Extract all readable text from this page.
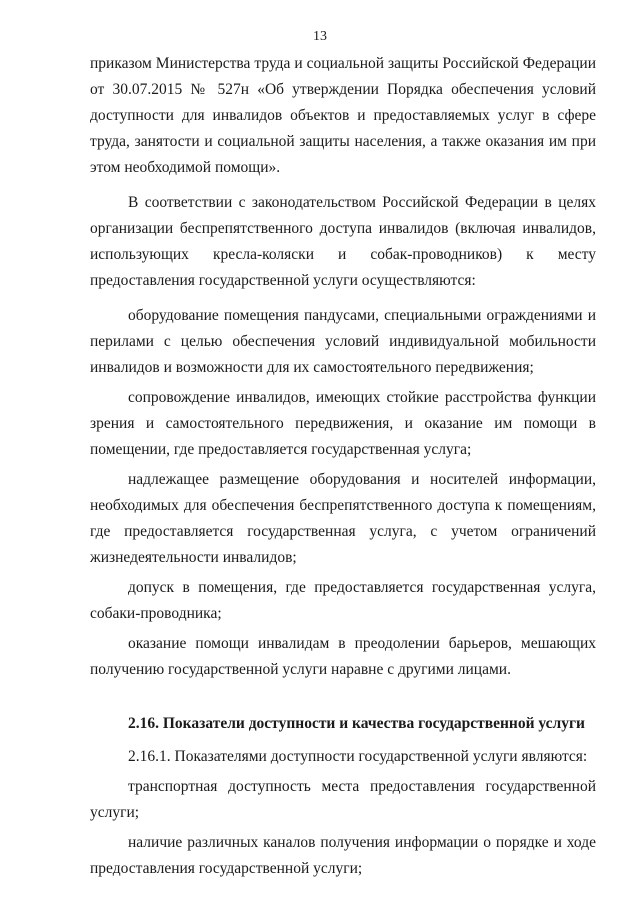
13

приказом Министерства труда и социальной защиты Российской Федерации от 30.07.2015 № 527н «Об утверждении Порядка обеспечения условий доступности для инвалидов объектов и предоставляемых услуг в сфере труда, занятости и социальной защиты населения, а также оказания им при этом необходимой помощи».

В соответствии с законодательством Российской Федерации в целях организации беспрепятственного доступа инвалидов (включая инвалидов, использующих кресла-коляски и собак-проводников) к месту предоставления государственной услуги осуществляются:

оборудование помещения пандусами, специальными ограждениями и перилами с целью обеспечения условий индивидуальной мобильности инвалидов и возможности для их самостоятельного передвижения;

сопровождение инвалидов, имеющих стойкие расстройства функции зрения и самостоятельного передвижения, и оказание им помощи в помещении, где предоставляется государственная услуга;

надлежащее размещение оборудования и носителей информации, необходимых для обеспечения беспрепятственного доступа к помещениям, где предоставляется государственная услуга, с учетом ограничений жизнедеятельности инвалидов;

допуск в помещения, где предоставляется государственная услуга, собаки-проводника;

оказание помощи инвалидам в преодолении барьеров, мешающих получению государственной услуги наравне с другими лицами.

2.16. Показатели доступности и качества государственной услуги

2.16.1. Показателями доступности государственной услуги являются:

транспортная доступность места предоставления государственной услуги;

наличие различных каналов получения информации о порядке и ходе предоставления государственной услуги;
